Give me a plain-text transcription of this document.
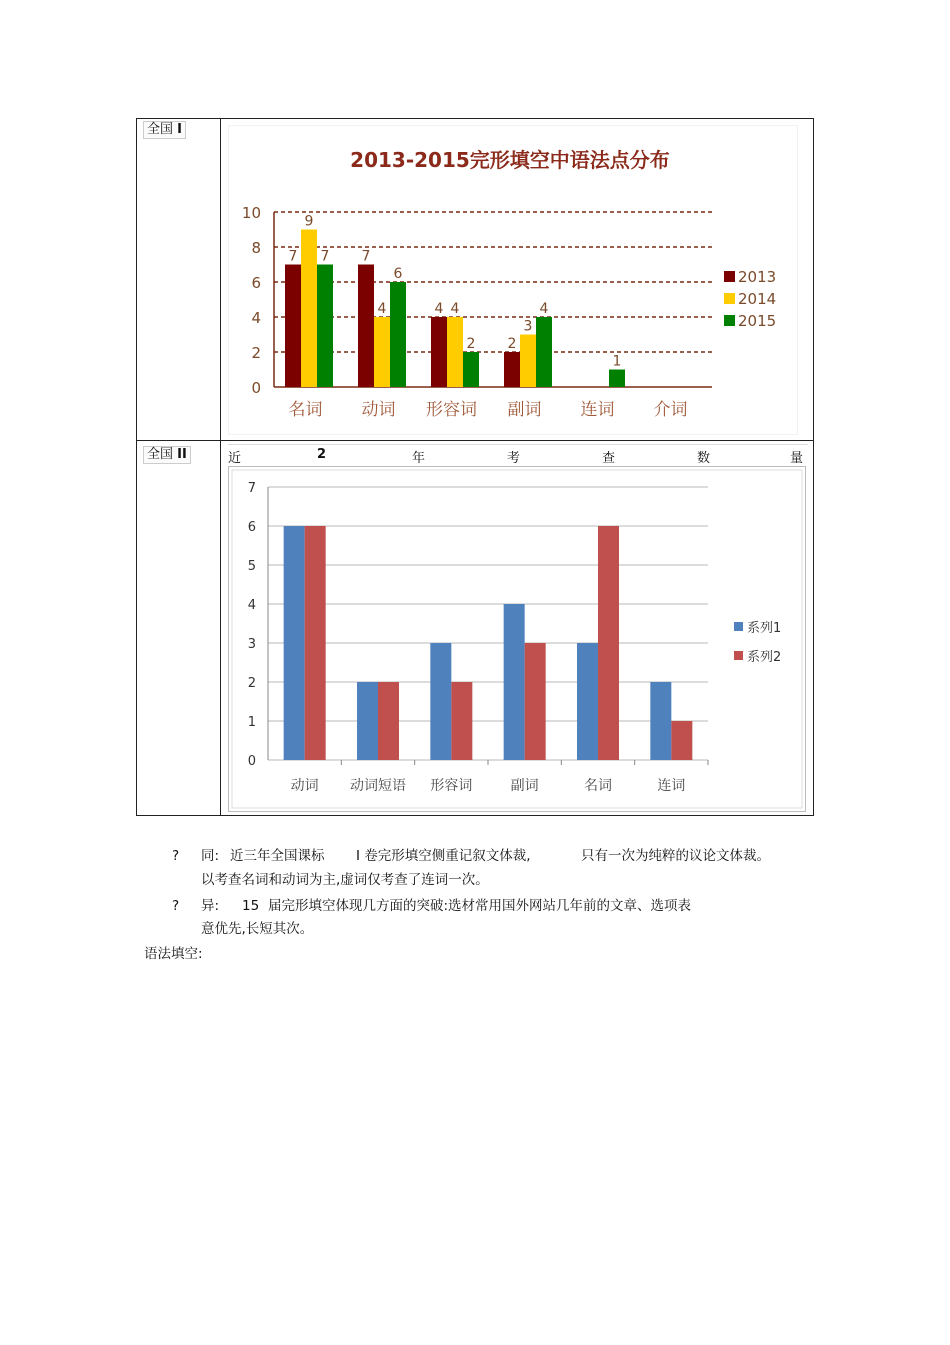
全国 I
全国 II
2013-2015完形填空中语法点分布
0
2
4
6
8
10
7
9
7
名词
7
4
6
动词
4 4
2
形容词
2
3
4
副词
1
连词 介词
2013
2014
2015
近	2	年	考	查	数	量
0
1
2
3
4
5
6
7
动词 动词短语 形容词	副词	名词	连词
系列1
系列2
? 同: 近三年全国课标 I 卷完形填空侧重记叙文体裁,	只有一次为纯粹的议论文体裁。
以考查名词和动词为主,虚词仅考查了连词一次。
? 异: 15 届完形填空体现几方面的突破:选材常用国外网站几年前的文章、选项表
意优先,长短其次。
语法填空:
